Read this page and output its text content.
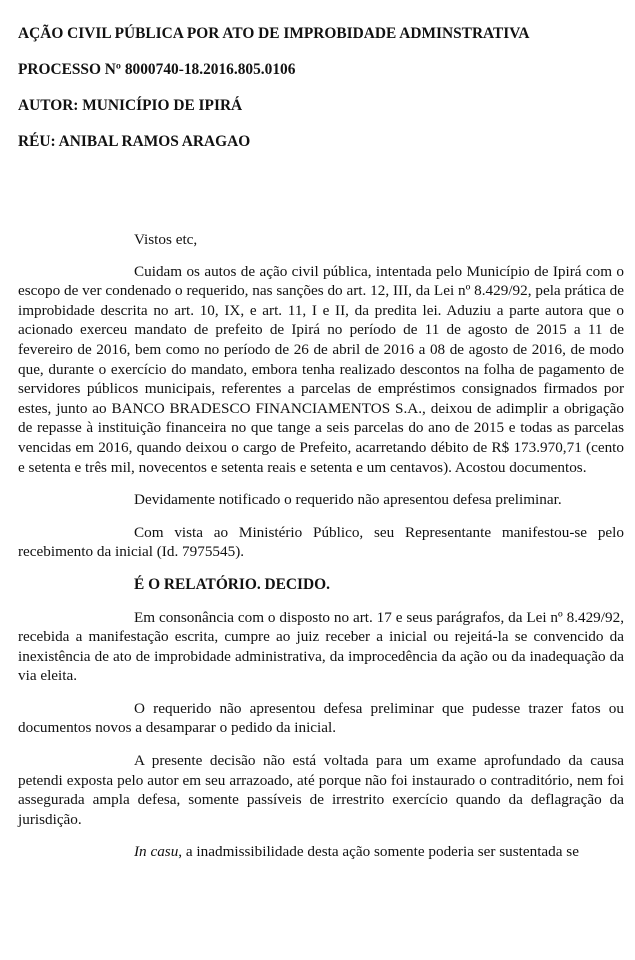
AÇÃO CIVIL PÚBLICA POR ATO DE IMPROBIDADE ADMINSTRATIVA
PROCESSO Nº 8000740-18.2016.805.0106
AUTOR: MUNICÍPIO DE IPIRÁ
RÉU: ANIBAL RAMOS ARAGAO

Vistos etc,

Cuidam os autos de ação civil pública, intentada pelo Município de Ipirá com o escopo de ver condenado o requerido, nas sanções do art. 12, III, da Lei nº 8.429/92, pela prática de improbidade descrita no art. 10, IX, e art. 11, I e II, da predita lei. Aduziu a parte autora que o acionado exerceu mandato de prefeito de Ipirá no período de 11 de agosto de 2015 a 11 de fevereiro de 2016, bem como no período de 26 de abril de 2016 a 08 de agosto de 2016, de modo que, durante o exercício do mandato, embora tenha realizado descontos na folha de pagamento de servidores públicos municipais, referentes a parcelas de empréstimos consignados firmados por estes, junto ao BANCO BRADESCO FINANCIAMENTOS S.A., deixou de adimplir a obrigação de repasse à instituição financeira no que tange a seis parcelas do ano de 2015 e todas as parcelas vencidas em 2016, quando deixou o cargo de Prefeito, acarretando débito de R$ 173.970,71 (cento e setenta e três mil, novecentos e setenta reais e setenta e um centavos). Acostou documentos.

Devidamente notificado o requerido não apresentou defesa preliminar.

Com vista ao Ministério Público, seu Representante manifestou-se pelo recebimento da inicial (Id. 7975545).

É O RELATÓRIO. DECIDO.

Em consonância com o disposto no art. 17 e seus parágrafos, da Lei nº 8.429/92, recebida a manifestação escrita, cumpre ao juiz receber a inicial ou rejeitá-la se convencido da inexistência de ato de improbidade administrativa, da improcedência da ação ou da inadequação da via eleita.

O requerido não apresentou defesa preliminar que pudesse trazer fatos ou documentos novos a desamparar o pedido da inicial.

A presente decisão não está voltada para um exame aprofundado da causa petendi exposta pelo autor em seu arrazoado, até porque não foi instaurado o contraditório, nem foi assegurada ampla defesa, somente passíveis de irrestrito exercício quando da deflagração da jurisdição.

In casu, a inadmissibilidade desta ação somente poderia ser sustentada se
